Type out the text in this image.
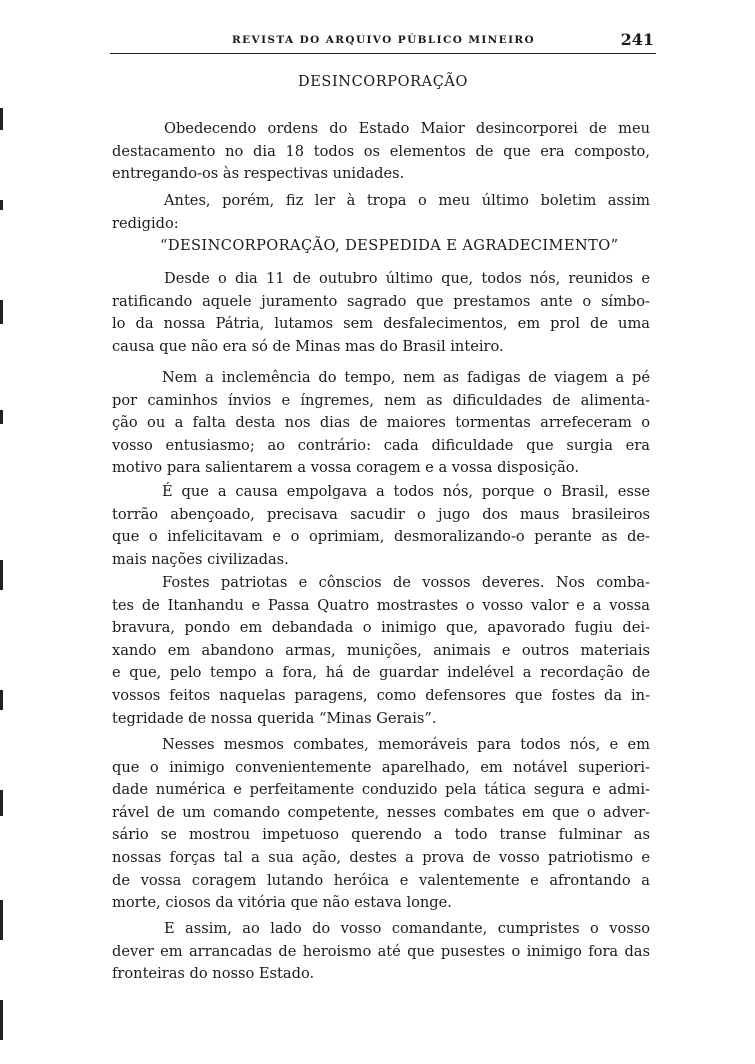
REVISTA DO ARQUIVO PÚBLICO MINEIRO	241
DESINCORPORAÇÃO
Obedecendo ordens do Estado Maior desincorporei de meu
destacamento no dia 18 todos os elementos de que era composto,
entregando-os às respectivas unidades.
Antes, porém, fiz ler à tropa o meu último boletim assim
redigido:
“DESINCORPORAÇÃO, DESPEDIDA E AGRADECIMENTO”
Desde o dia 11 de outubro último que, todos nós, reunidos e
ratificando aquele juramento sagrado que prestamos ante o símbo-
lo da nossa Pátria, lutamos sem desfalecimentos, em prol de uma
causa que não era só de Minas mas do Brasil inteiro.
Nem a inclemência do tempo, nem as fadigas de viagem a pé
por caminhos ínvios e íngremes, nem as dificuldades de alimenta-
ção ou a falta desta nos dias de maiores tormentas arrefeceram o
vosso entusiasmo; ao contrário: cada dificuldade que surgia era
motivo para salientarem a vossa coragem e a vossa disposição.
É que a causa empolgava a todos nós, porque o Brasil, esse
torrão abençoado, precisava sacudir o jugo dos maus brasileiros
que o infelicitavam e o oprimiam, desmoralizando-o perante as de-
mais nações civilizadas.
Fostes patriotas e cônscios de vossos deveres. Nos comba-
tes de Itanhandu e Passa Quatro mostrastes o vosso valor e a vossa
bravura, pondo em debandada o inimigo que, apavorado fugiu dei-
xando em abandono armas, munições, animais e outros materiais
e que, pelo tempo a fora, há de guardar indelével a recordação de
vossos feitos naquelas paragens, como defensores que fostes da in-
tegridade de nossa querida “Minas Gerais”.
Nesses mesmos combates, memoráveis para todos nós, e em
que o inimigo convenientemente aparelhado, em notável superiori-
dade numérica e perfeitamente conduzido pela tática segura e admi-
rável de um comando competente, nesses combates em que o adver-
sário se mostrou impetuoso querendo a todo transe fulminar as
nossas forças tal a sua ação, destes a prova de vosso patriotismo e
de vossa coragem lutando heróica e valentemente e afrontando a
morte, ciosos da vitória que não estava longe.
E assim, ao lado do vosso comandante, cumpristes o vosso
dever em arrancadas de heroismo até que pusestes o inimigo fora das
fronteiras do nosso Estado.
